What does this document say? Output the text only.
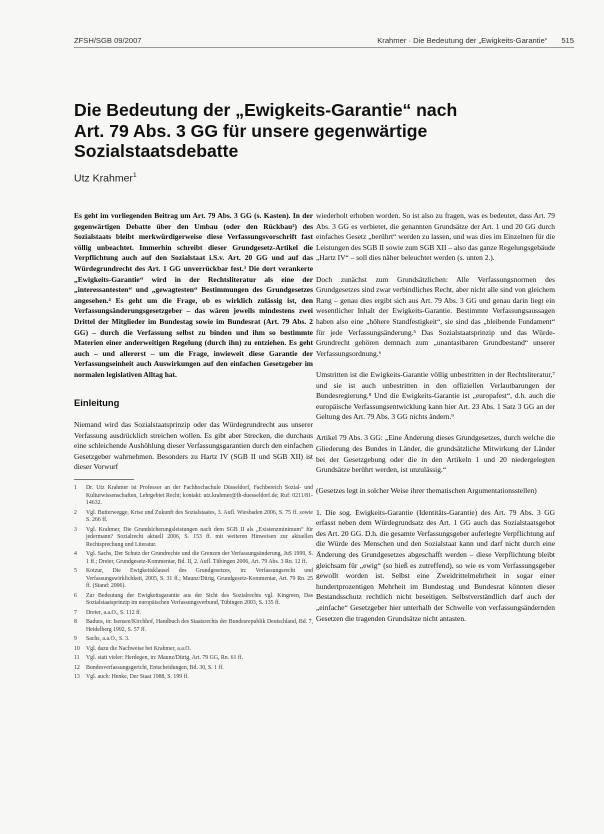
ZFSH/SGB 09/2007	Krahmer · Die Bedeutung der „Ewigkeits-Garantie“ 515
Die Bedeutung der „Ewigkeits-Garantie“ nach
Art. 79 Abs. 3 GG für unsere gegenwärtige
Sozialstaatsdebatte
Utz Krahmer$^1$

Es geht im vorliegenden Beitrag um Art. 79 Abs. 3 GG (s. Kasten). In der gegenwärtigen Debatte über den Umbau (oder den Rückbau²) des Sozialstaats bleibt merkwürdigerweise diese Verfassungsvorschrift fast völlig unbeachtet. Immerhin schreibt dieser Grundgesetz-Artikel die Verpflichtung auch auf den Sozialstaat i.S.v. Art. 20 GG und auf das Würdegrundrecht des Art. 1 GG unverrückbar fest.³ Die dort verankerte „Ewigkeits-Garantie“ wird in der Rechtsliteratur als eine der „interessantesten“ und „gewagtesten“ Bestimmungen des Grundgesetzes angesehen.⁴ Es geht um die Frage, ob es wirklich zulässig ist, den Verfassungsänderungsgesetzgeber – das wären jeweils mindestens zwei Drittel der Mitglieder im Bundestag sowie im Bundesrat (Art. 79 Abs. 2 GG) – durch die Verfassung selbst zu binden und ihm so bestimmte Materien einer anderweitigen Regelung (durch ihn) zu entziehen. Es geht auch – und allererst – um die Frage, inwieweit diese Garantie der Verfassungseinheit auch Auswirkungen auf den einfachen Gesetzgeber im normalen legislativen Alltag hat.

Einleitung

Niemand wird das Sozialstaatsprinzip oder das Würdegrundrecht aus unserer Verfassung ausdrücklich streichen wollen. Es gibt aber Strecken, die durchaus eine schleichende Aushöhlung dieser Verfassungsgarantien durch den einfachen Gesetzgeber wahrnehmen. Besonders zu Hartz IV (SGB II und SGB XII) ist dieser Vorwurf

1	Dr. Utz Krahmer ist Professor an der Fachhochschule Düsseldorf, Fachbereich Sozial- und Kulturwissenschaften, Lehrgebiet Recht; kontakt: utz.krahmer@fh-duesseldorf.de; Ruf: 0211/81-14632.
2	Vgl. Butterwegge, Krise und Zukunft des Sozialstaates, 3. Aufl. Wiesbaden 2006, S. 75 ff. sowie S. 266 ff.
3	Vgl. Krahmer, Die Grundsicherungsleistungen nach dem SGB II als „Existenzminimum“ für jedermann? Sozialrecht aktuell 2006, S. 153 ff. mit weiteren Hinweisen zur aktuellen Rechtsprechung und Literatur.
4	Vgl. Sachs, Der Schutz der Grundrechte und die Grenzen der Verfassungsänderung, JuS 1999, S. 1 ff.; Dreier, Grundgesetz-Kommentar, Bd. II, 2. Aufl. Tübingen 2006, Art. 79 Abs. 3 Rn. 12 ff.
5	Kotzur, Die Ewigkeitsklausel des Grundgesetzes, in: Verfassungsrecht und Verfassungswirklichkeit, 2005, S. 31 ff.; Maunz/Dürig, Grundgesetz-Kommentar, Art. 79 Rn. 25 ff. (Stand: 2006).
6	Zur Bedeutung der Ewigkeitsgarantie aus der Sicht des Sozialrechts vgl. Kingreen, Das Sozialstaatsprinzip im europäischen Verfassungsverbund, Tübingen 2003, S. 135 ff.
7	Dreier, a.a.O., S. 112 ff.
8	Badura, in: Isensee/Kirchhof, Handbuch des Staatsrechts der Bundesrepublik Deutschland, Bd. 7, Heidelberg 1992, S. 57 ff.
9	Sachs, a.a.O., S. 3.
10	Vgl. dazu die Nachweise bei Krahmer, a.a.O.
11	Vgl. statt vieler: Herdegen, in: Maunz/Dürig, Art. 79 GG, Rn. 61 ff.
12	Bundesverfassungsgericht, Entscheidungen, Bd. 30, S. 1 ff.
13	Vgl. auch: Henke, Der Staat 1988, S. 199 ff.

wiederholt erhoben worden. So ist also zu fragen, was es bedeutet, dass Art. 79 Abs. 3 GG es verbietet, die genannten Grundsätze der Art. 1 und 20 GG durch einfaches Gesetz „berührt“ werden zu lassen, und was dies im Einzelnen für die Leistungen des SGB II sowie zum SGB XII – also das ganze Regelungsgebäude „Hartz IV“ – soll dies näher beleuchtet werden (s. unten 2.).

Doch zunächst zum Grundsätzlichen: Alle Verfassungsnormen des Grundgesetzes sind zwar verbindliches Recht, aber nicht alle sind von gleichem Rang – genau dies ergibt sich aus Art. 79 Abs. 3 GG und genau darin liegt ein wesentlicher Inhalt der Ewigkeits-Garantie. Bestimmte Verfassungsaussagen haben also eine „höhere Standfestigkeit“, sie sind das „bleibende Fundament“ für jede Verfassungsänderung.⁵ Das Sozialstaatsprinzip und das Würde-Grundrecht gehören demnach zum „unantastbaren Grundbestand“ unserer Verfassungsordnung.⁶

Umstritten ist die Ewigkeits-Garantie völlig unbestritten in der Rechtsliteratur,⁷ und sie ist auch unbestritten in den offiziellen Verlautbarungen der Bundesregierung.⁸ Und die Ewigkeits-Garantie ist „europafest“, d.h. auch die europäische Verfassungsentwicklung kann hier Art. 23 Abs. 1 Satz 3 GG an der Geltung des Art. 79 Abs. 3 GG nichts ändern.⁹

Artikel 79 Abs. 3 GG: „Eine Änderung dieses Grundgesetzes, durch welche die Gliederung des Bundes in Länder, die grundsätzliche Mitwirkung der Länder bei der Gesetzgebung oder die in den Artikeln 1 und 20 niedergelegten Grundsätze berührt werden, ist unzulässig.“

(Gesetzes legt in solcher Weise ihrer thematischen Argumentationsstellen)

1. Die sog. Ewigkeits-Garantie (Identitäts-Garantie) des Art. 79 Abs. 3 GG erfasst neben dem Würdegrundsatz des Art. 1 GG auch das Sozialstaatsgebot des Art. 20 GG. D.h. die gesamte Verfassungsgeber auferlegte Verpflichtung auf die Würde des Menschen und den Sozialstaat kann und darf nicht durch eine Änderung des Grundgesetzes abgeschafft werden – diese Verpflichtung bleibt gleichsam für „ewig“ (so hieß es zutreffend), so wie es vom Verfassungsgeber gewollt worden ist. Selbst eine Zweidrittelmehrheit in sogar einer hundertprozentigen Mehrheit im Bundestag und Bundesrat könnten dieser Bestandsschutz rechtlich nicht beseitigen. Selbstverständlich darf auch der „einfache“ Gesetzgeber hier unterhalb der Schwelle von verfassungsändernden Gesetzen die tragenden Grundsätze nicht antasten.
